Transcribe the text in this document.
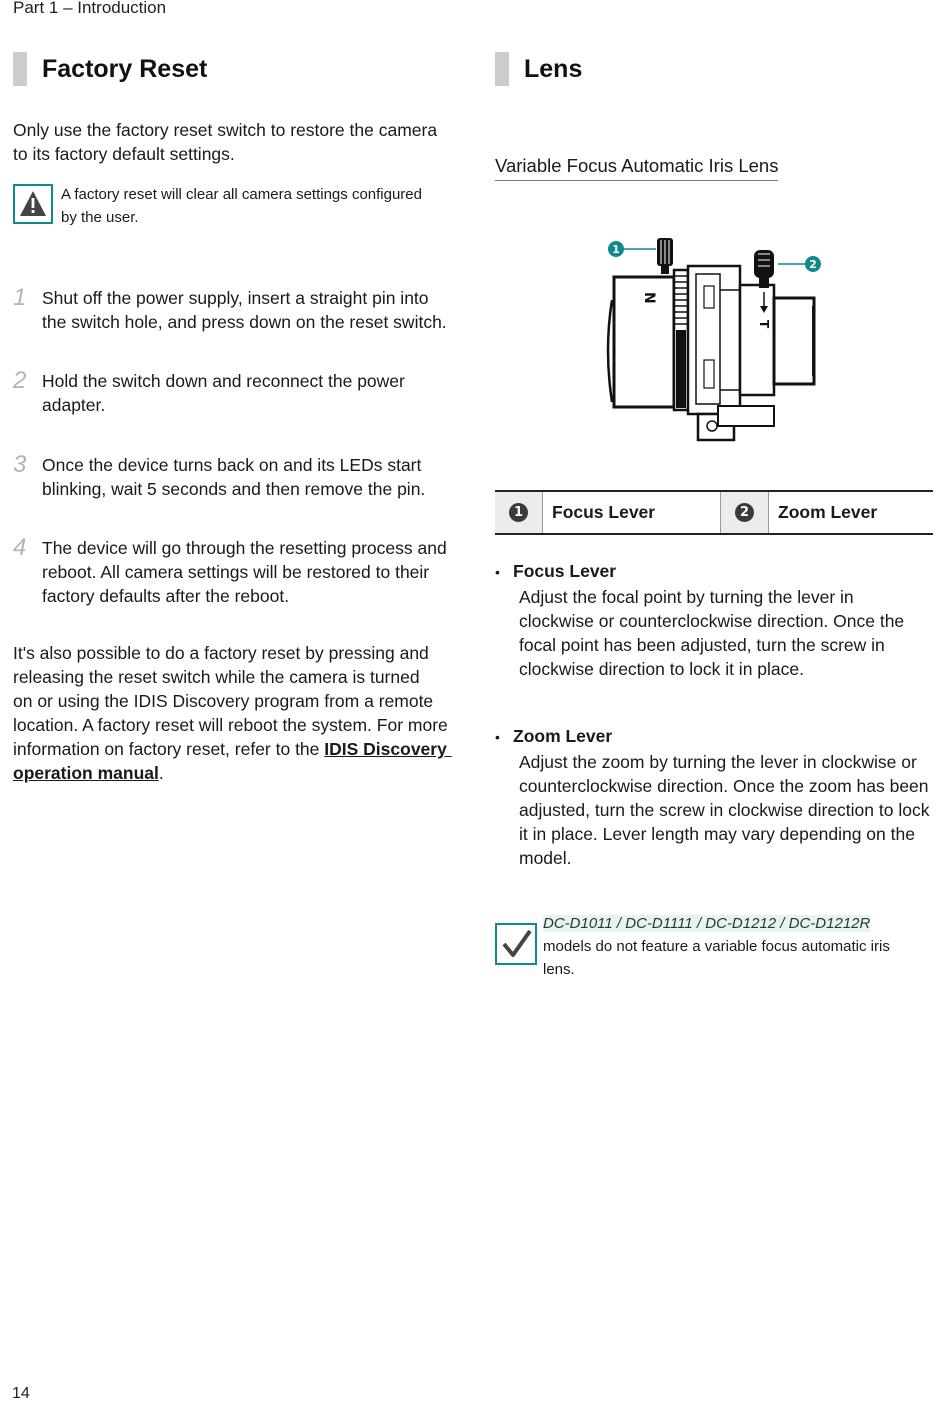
Part 1 – Introduction
Factory Reset
Only use the factory reset switch to restore the camera
to its factory default settings.
A factory reset will clear all camera settings configured
by the user.
1 Shut off the power supply, insert a straight pin into
the switch hole, and press down on the reset switch.
2 Hold the switch down and reconnect the power
adapter.
3 Once the device turns back on and its LEDs start
blinking, wait 5 seconds and then remove the pin.
4 The device will go through the resetting process and
reboot. All camera settings will be restored to their
factory defaults after the reboot.
It's also possible to do a factory reset by pressing and
releasing the reset switch while the camera is turned
on or using the IDIS Discovery program from a remote
location. A factory reset will reboot the system. For more
information on factory reset, refer to the IDIS Discovery
operation manual.
Lens
Variable Focus Automatic Iris Lens
1
2
N
T
1	Focus Lever	2	Zoom Lever
• Focus Lever
Adjust the focal point by turning the lever in
clockwise or counterclockwise direction. Once the
focal point has been adjusted, turn the screw in
clockwise direction to lock it in place.
• Zoom Lever
Adjust the zoom by turning the lever in clockwise or
counterclockwise direction. Once the zoom has been
adjusted, turn the screw in clockwise direction to lock
it in place. Lever length may vary depending on the
model.
DC-D1011 / DC-D1111 / DC-D1212 / DC-D1212R
models do not feature a variable focus automatic iris
lens.
14
